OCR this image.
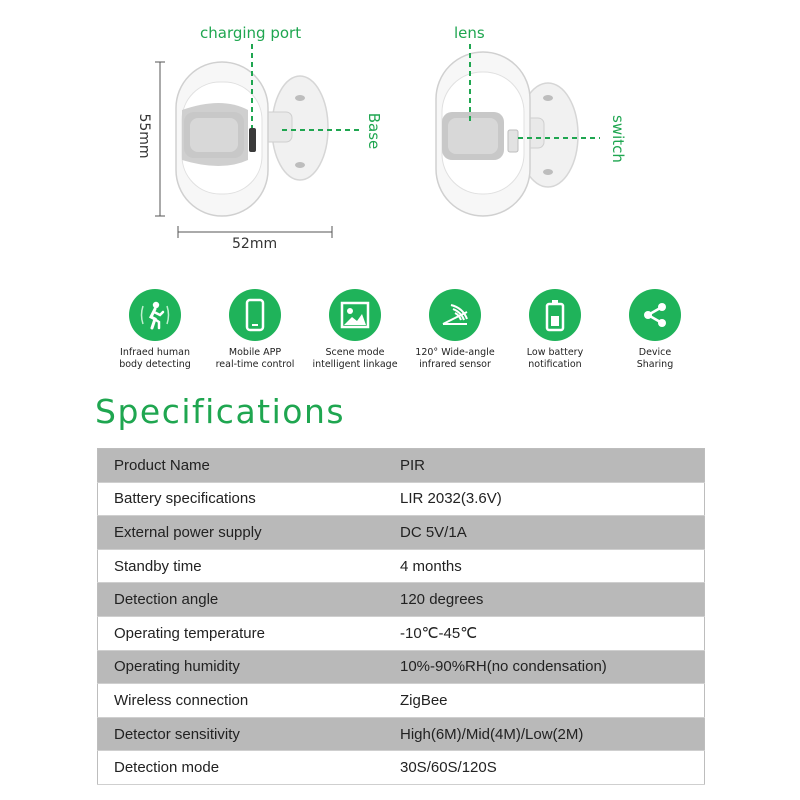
charging port
Base
lens
switch
55mm
52mm
Infraed human
body detecting
Mobile APP
real-time control
Scene mode
intelligent linkage
120° Wide-angle
infrared sensor
Low battery
notification
Device
Sharing
Specifications
Product Name	PIR
Battery specifications	LIR 2032(3.6V)
External power supply	DC 5V/1A
Standby time	4 months
Detection angle	120 degrees
Operating temperature	-10℃-45℃
Operating humidity	10%-90%RH(no condensation)
Wireless connection	ZigBee
Detector sensitivity	High(6M)/Mid(4M)/Low(2M)
Detection mode	30S/60S/120S
